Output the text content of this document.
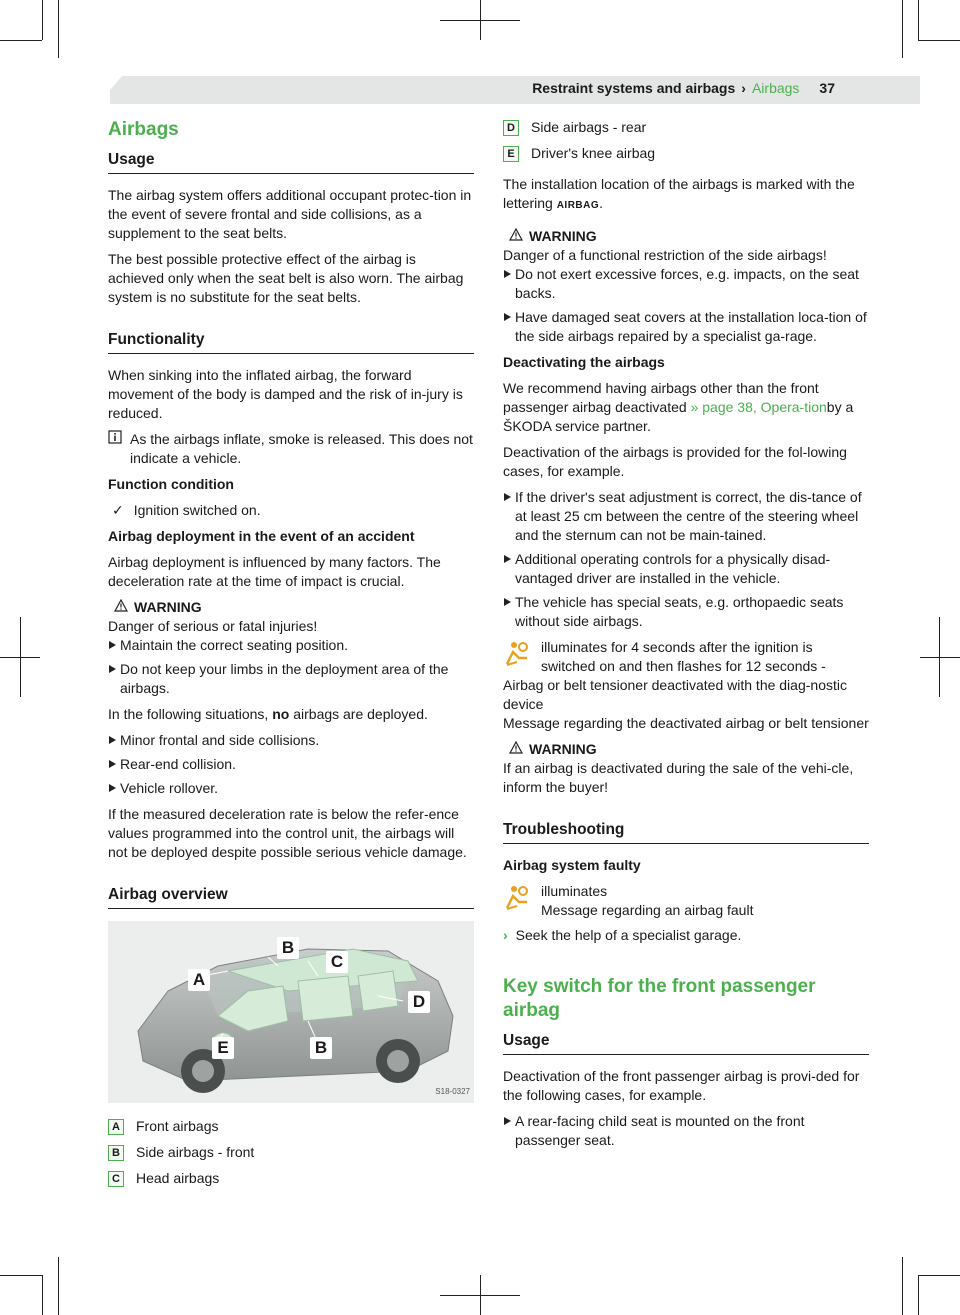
Restraint systems and airbags › Airbags 37
Airbags
Usage

The airbag system offers additional occupant protec-tion in the event of severe frontal and side collisions, as a supplement to the seat belts.

The best possible protective effect of the airbag is achieved only when the seat belt is also worn. The airbag system is no substitute for the seat belts.

Functionality

When sinking into the inflated airbag, the forward movement of the body is damped and the risk of in-jury is reduced.

As the airbags inflate, smoke is released. This does not indicate a vehicle.

Function condition

✓ Ignition switched on.

Airbag deployment in the event of an accident

Airbag deployment is influenced by many factors. The deceleration rate at the time of impact is crucial.

WARNING
Danger of serious or fatal injuries!
Maintain the correct seating position.
Do not keep your limbs in the deployment area of the airbags.

In the following situations, no airbags are deployed.

Minor frontal and side collisions.
Rear-end collision.
Vehicle rollover.

If the measured deceleration rate is below the refer-ence values programmed into the control unit, the airbags will not be deployed despite possible serious vehicle damage.

Airbag overview
A
B
C
D
E	B
S18-0327
A Front airbags
B Side airbags - front
C Head airbags
D Side airbags - rear
E	Driver's knee airbag

The installation location of the airbags is marked with the lettering AIRBAG.

WARNING
Danger of a functional restriction of the side airbags!
Do not exert excessive forces, e.g. impacts, on the seat backs.
Have damaged seat covers at the installation loca-tion of the side airbags repaired by a specialist ga-rage.

Deactivating the airbags

We recommend having airbags other than the front passenger airbag deactivated » page 38, Opera-tionby a ŠKODA service partner.

Deactivation of the airbags is provided for the fol-lowing cases, for example.

If the driver's seat adjustment is correct, the dis-tance of at least 25 cm between the centre of the steering wheel and the sternum can not be main-tained.
Additional operating controls for a physically disad-vantaged driver are installed in the vehicle.
The vehicle has special seats, e.g. orthopaedic seats without side airbags.
illuminates for 4 seconds after the ignition is switched on and then flashes for 12 seconds -
Airbag or belt tensioner deactivated with the diag-nostic device
Message regarding the deactivated airbag or belt tensioner
WARNING
If an airbag is deactivated during the sale of the vehi-cle, inform the buyer!
Troubleshooting

Airbag system faulty

illuminates
Message regarding an airbag fault
› Seek the help of a specialist garage.
Key switch for the front passenger airbag
Usage

Deactivation of the front passenger airbag is provi-ded for the following cases, for example.

A rear-facing child seat is mounted on the front passenger seat.
